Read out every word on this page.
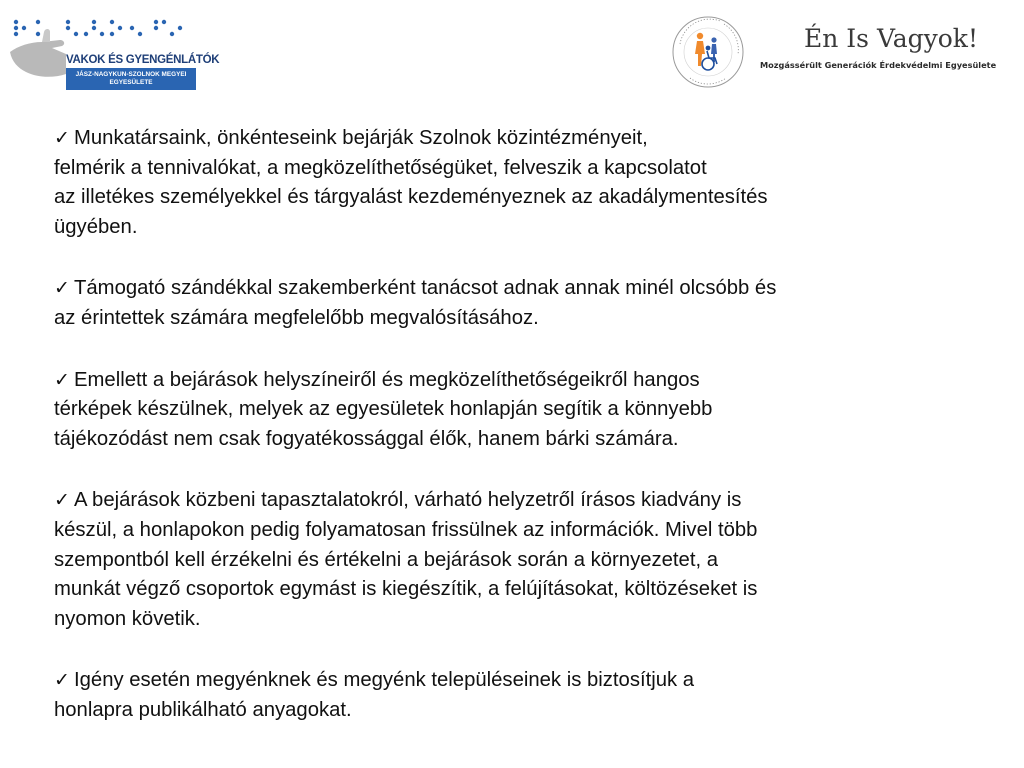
VAKOK ÉS GYENGÉNLÁTÓK
JÁSZ-NAGYKUN-SZOLNOK MEGYEI
EGYESÜLETE
Én Is Vagyok!
Mozgássérült Generációk Érdekvédelmi Egyesülete

✓ Munkatársaink, önkénteseink bejárják Szolnok közintézményeit,
felmérik a tennivalókat, a megközelíthetőségüket, felveszik a kapcsolatot
az illetékes személyekkel és tárgyalást kezdeményeznek az akadálymentesítés
ügyében.

✓ Támogató szándékkal szakemberként tanácsot adnak annak minél olcsóbb és
az érintettek számára megfelelőbb megvalósításához.

✓ Emellett a bejárások helyszíneiről és megközelíthetőségeikről hangos
térképek készülnek, melyek az egyesületek honlapján segítik a könnyebb
tájékozódást nem csak fogyatékossággal élők, hanem bárki számára.

✓ A bejárások közbeni tapasztalatokról, várható helyzetről írásos kiadvány is
készül, a honlapokon pedig folyamatosan frissülnek az információk. Mivel több
szempontból kell érzékelni és értékelni a bejárások során a környezetet, a
munkát végző csoportok egymást is kiegészítik, a felújításokat, költözéseket is
nyomon követik.

✓ Igény esetén megyénknek és megyénk településeinek is biztosítjuk a
honlapra publikálható anyagokat.
